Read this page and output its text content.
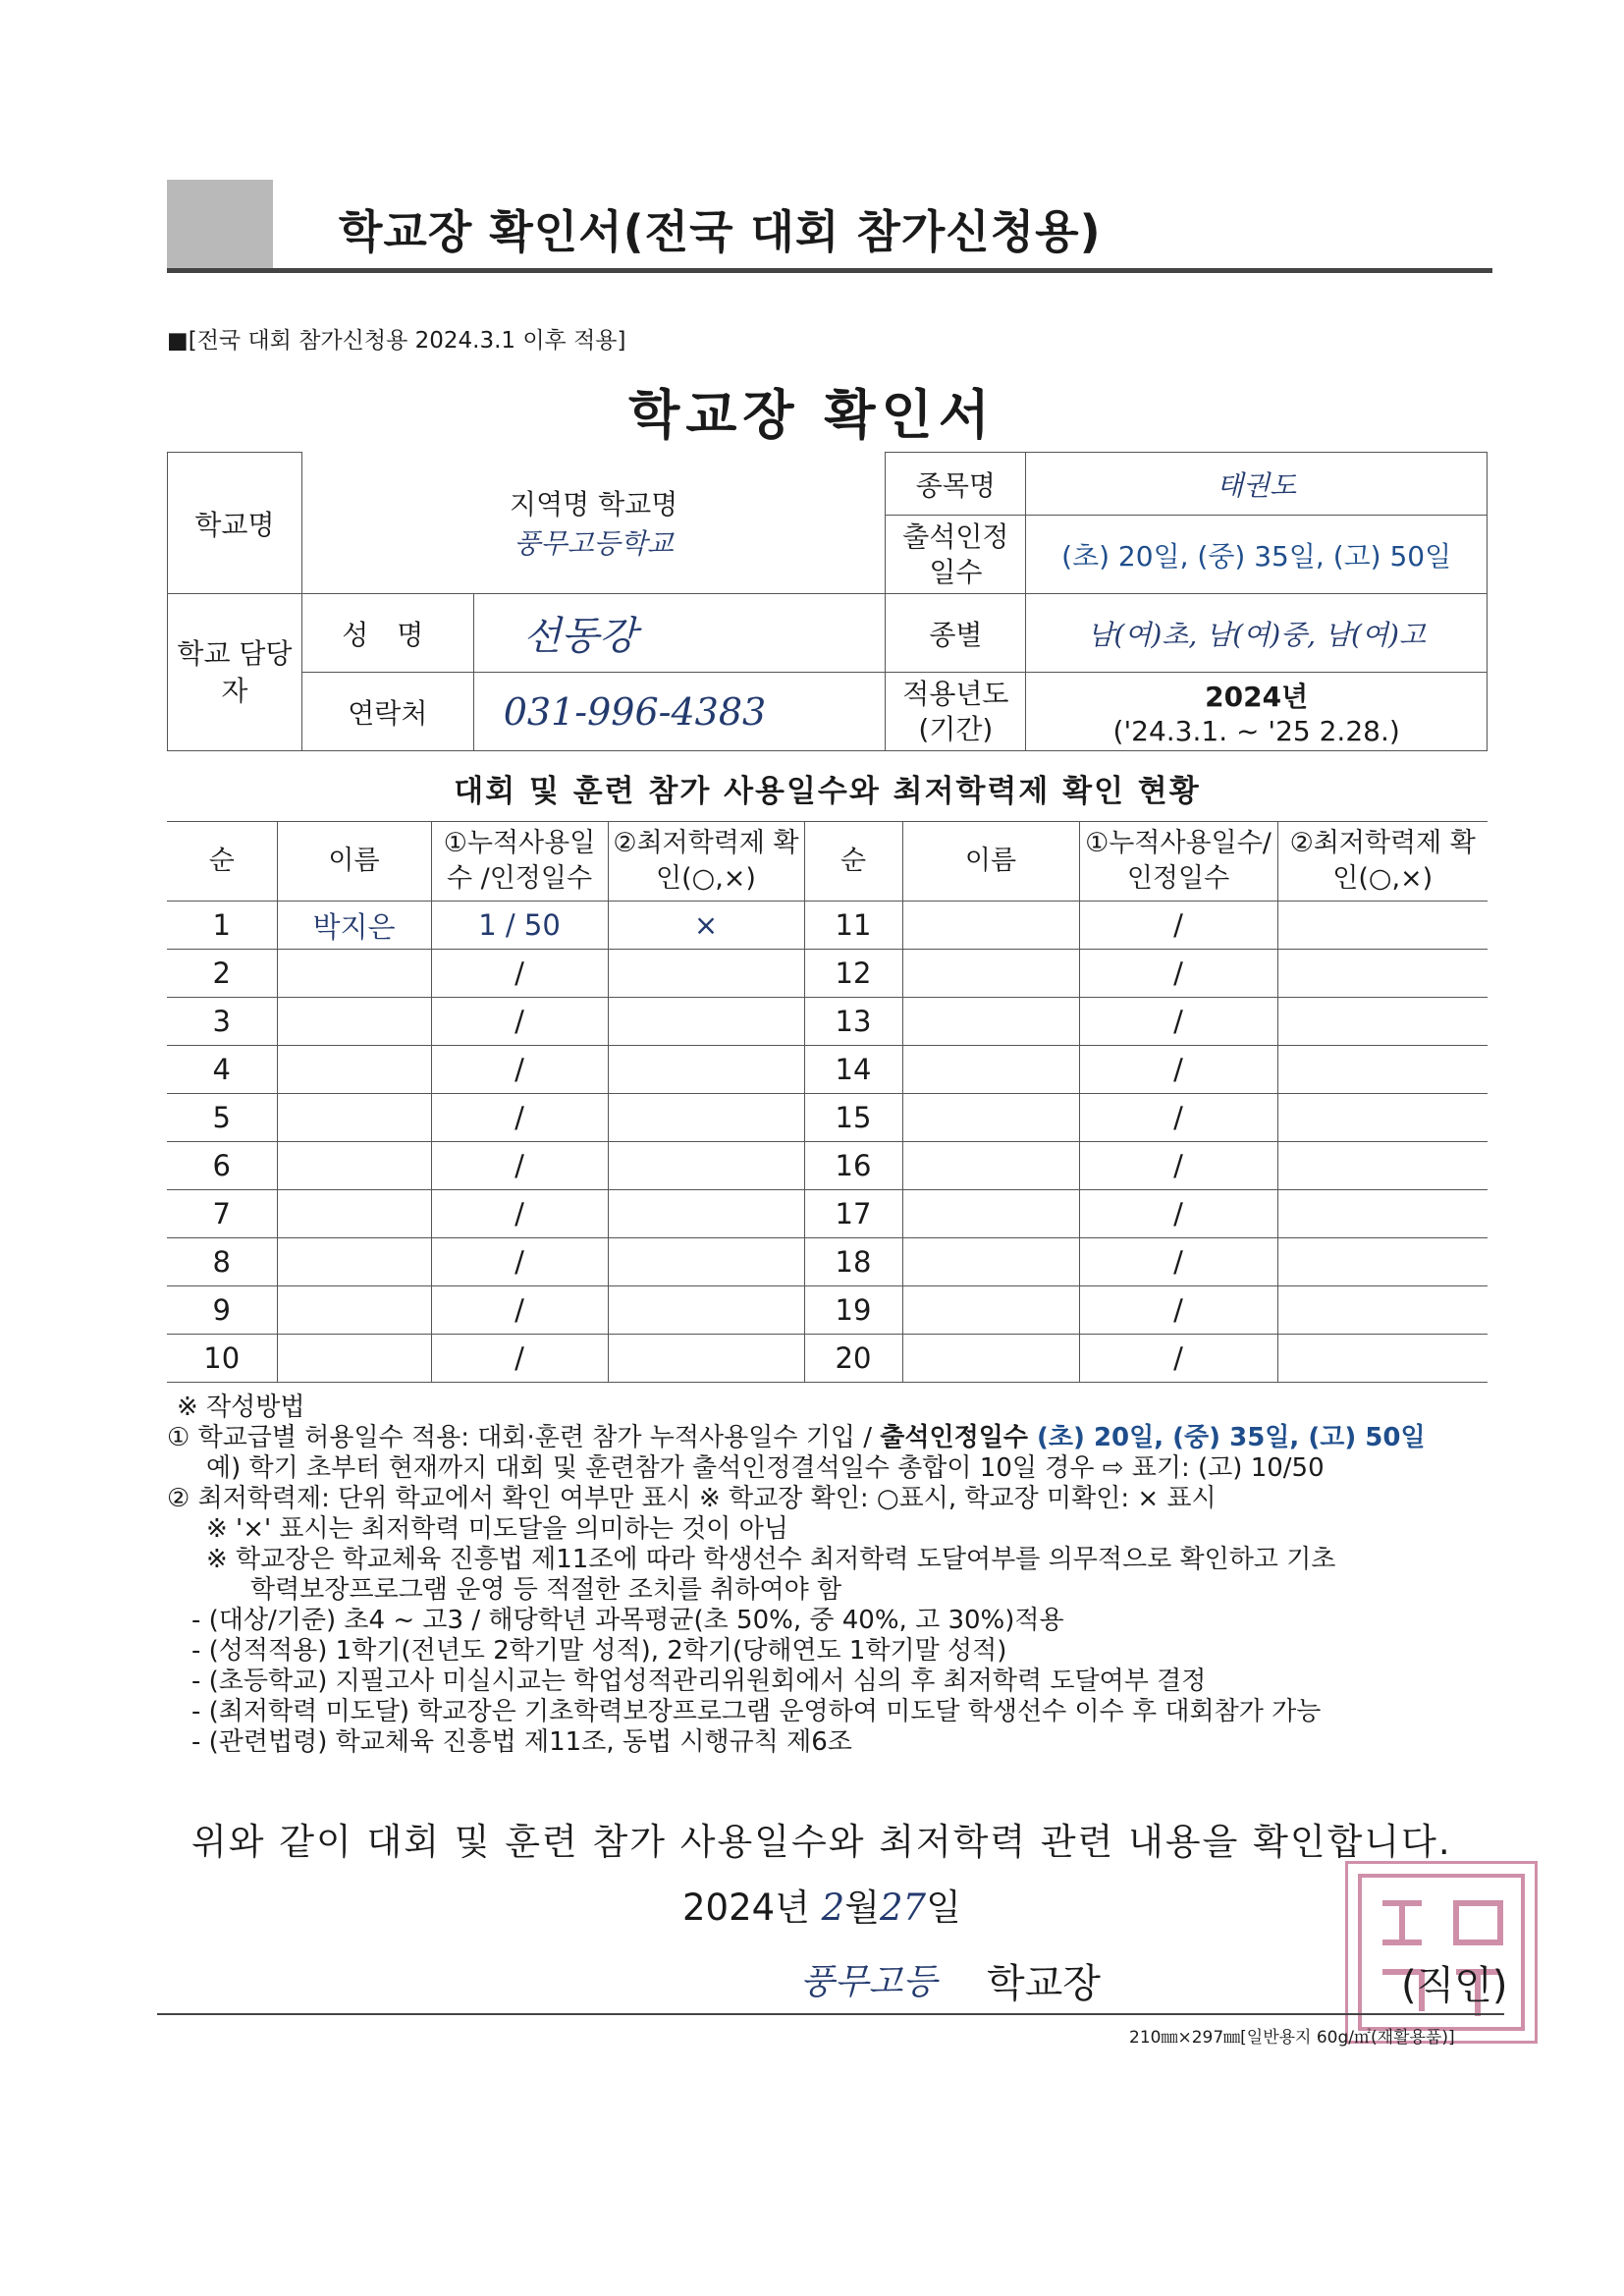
학교장 확인서(전국 대회 참가신청용)
■[전국 대회 참가신청용 2024.3.1 이후 적용]
학교장 확인서
학교명	지역명 학교명
풍무고등학교		종목명	태권도
			출석인정 일수	(초) 20일, (중) 35일, (고) 50일
학교 담당자	성 명	선동강	종별	남(여)초, 남(여)중, 남(여)고
	연락처	031-996-4383	적용년도 (기간)	2024년
('24.3.1. ~ '25 2.28.)
대회 및 훈련 참가 사용일수와 최저학력제 확인 현황
순	이름	①누적사용일수 /인정일수	②최저학력제 확인(○,×)	순	이름	①누적사용일수/ 인정일수	②최저학력제 확인(○,×)
1	박지은	1 / 50	×	11		/	
2		/		12		/	
3		/		13		/	
4		/		14		/	
5		/		15		/	
6		/		16		/	
7		/		17		/	
8		/		18		/	
9		/		19		/	
10		/		20		/	
※ 작성방법
① 학교급별 허용일수 적용: 대회·훈련 참가 누적사용일수 기입 / 출석인정일수 (초) 20일, (중) 35일, (고) 50일
예) 학기 초부터 현재까지 대회 및 훈련참가 출석인정결석일수 총합이 10일 경우 ⇨ 표기: (고) 10/50
② 최저학력제: 단위 학교에서 확인 여부만 표시 ※ 학교장 확인: ○표시, 학교장 미확인: × 표시
※ '×' 표시는 최저학력 미도달을 의미하는 것이 아님
※ 학교장은 학교체육 진흥법 제11조에 따라 학생선수 최저학력 도달여부를 의무적으로 확인하고 기초
학력보장프로그램 운영 등 적절한 조치를 취하여야 함
- (대상/기준) 초4 ~ 고3 / 해당학년 과목평균(초 50%, 중 40%, 고 30%)적용
- (성적적용) 1학기(전년도 2학기말 성적), 2학기(당해연도 1학기말 성적)
- (초등학교) 지필고사 미실시교는 학업성적관리위원회에서 심의 후 최저학력 도달여부 결정
- (최저학력 미도달) 학교장은 기초학력보장프로그램 운영하여 미도달 학생선수 이수 후 대회참가 가능
- (관련법령) 학교체육 진흥법 제11조, 동법 시행규칙 제6조
위와 같이 대회 및 훈련 참가 사용일수와 최저학력 관련 내용을 확인합니다.
2024년 2월27일
풍무고등 학교장	(직인)
210㎜×297㎜[일반용지 60g/㎡(재활용품)]
